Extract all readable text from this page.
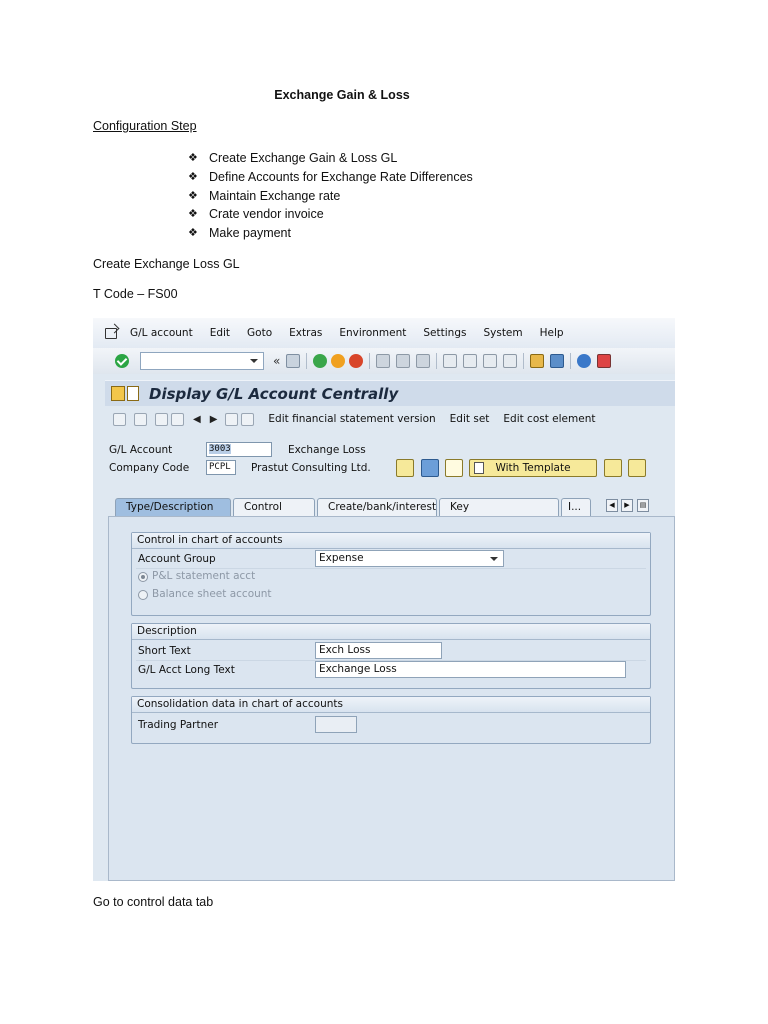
Exchange Gain & Loss
Configuration Step
❖ Create Exchange Gain & Loss GL
❖ Define Accounts for Exchange Rate Differences
❖ Maintain Exchange rate
❖ Crate vendor invoice
❖ Make payment
Create Exchange Loss GL
T Code – FS00
Go to control data tab
G/L account Edit Goto Extras Environment Settings System Help
«
Display G/L Account Centrally
◀ ▶	Edit financial statement version Edit set Edit cost element
G/L Account	3003	Exchange Loss
Company Code	PCPL	Prastut Consulting Ltd.	With Template
Type/Description	Control	Create/bank/interest	Key	I...	◀	▶	▤
Control in chart of accounts
Account Group	Expense
P&L statement acct
Balance sheet account
Description
Short Text	Exch Loss
G/L Acct Long Text	Exchange Loss
Consolidation data in chart of accounts
Trading Partner
